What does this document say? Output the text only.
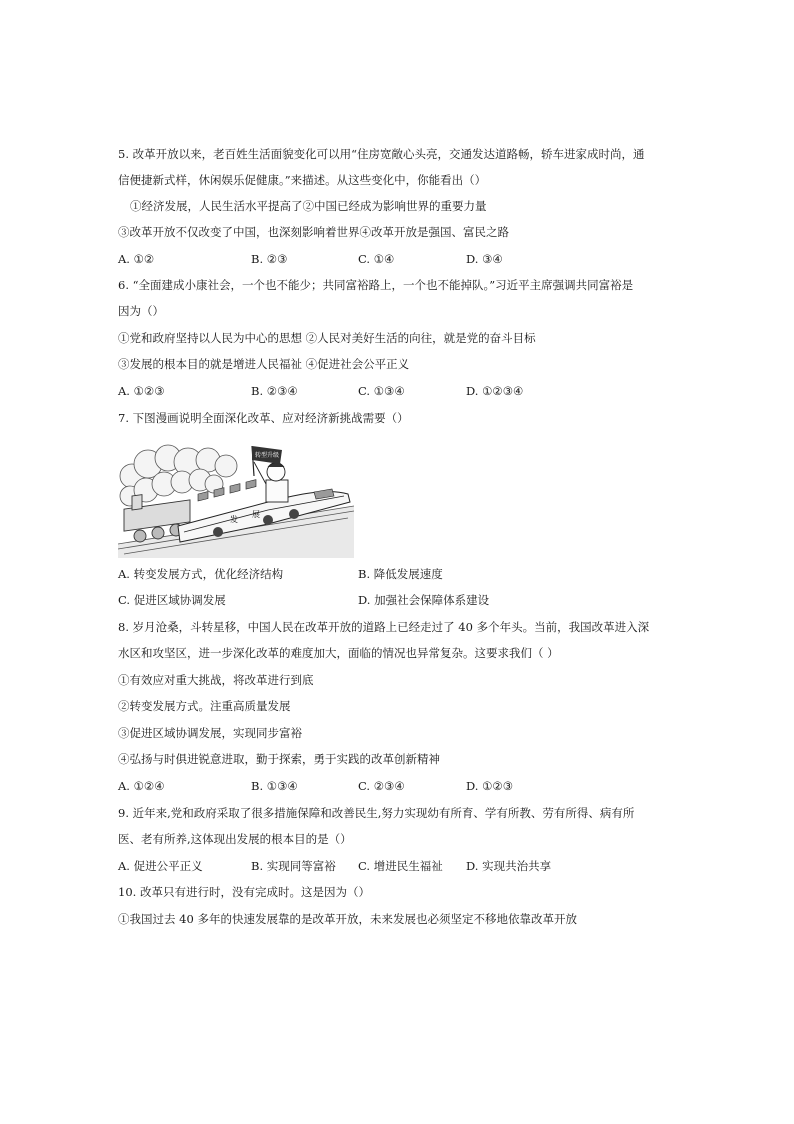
5. 改革开放以来，老百姓生活面貌变化可以用“住房宽敞心头亮，交通发达道路畅，轿车进家成时尚，通
信便捷新式样，休闲娱乐促健康。”来描述。从这些变化中，你能看出（）
①经济发展，人民生活水平提高了②中国已经成为影响世界的重要力量
③改革开放不仅改变了中国，也深刻影响着世界④改革开放是强国、富民之路
A. ①②	B. ②③	C. ①④	D. ③④
6. “全面建成小康社会，一个也不能少；共同富裕路上，一个也不能掉队。”习近平主席强调共同富裕是
因为（）
①党和政府坚持以人民为中心的思想 ②人民对美好生活的向往，就是党的奋斗目标
③发展的根本目的就是增进人民福祉 ④促进社会公平正义
A. ①②③	B. ②③④	C. ①③④	D. ①②③④
7. 下图漫画说明全面深化改革、应对经济新挑战需要（）
发
展
转型升级
A. 转变发展方式，优化经济结构	B. 降低发展速度
C. 促进区域协调发展	D. 加强社会保障体系建设
8. 岁月沧桑，斗转星移，中国人民在改革开放的道路上已经走过了 40 多个年头。当前，我国改革进入深
水区和攻坚区，进一步深化改革的难度加大，面临的情况也异常复杂。这要求我们（ ）
①有效应对重大挑战，将改革进行到底
②转变发展方式。注重高质量发展
③促进区域协调发展，实现同步富裕
④弘扬与时俱进锐意进取，勤于探索，勇于实践的改革创新精神
A. ①②④	B. ①③④	C. ②③④	D. ①②③
9. 近年来,党和政府采取了很多措施保障和改善民生,努力实现幼有所育、学有所教、劳有所得、病有所
医、老有所养,这体现出发展的根本目的是（）
A. 促进公平正义	B. 实现同等富裕 C. 增进民生福祉 D. 实现共治共享
10. 改革只有进行时，没有完成时。这是因为（）
①我国过去 40 多年的快速发展靠的是改革开放，未来发展也必须坚定不移地依靠改革开放
